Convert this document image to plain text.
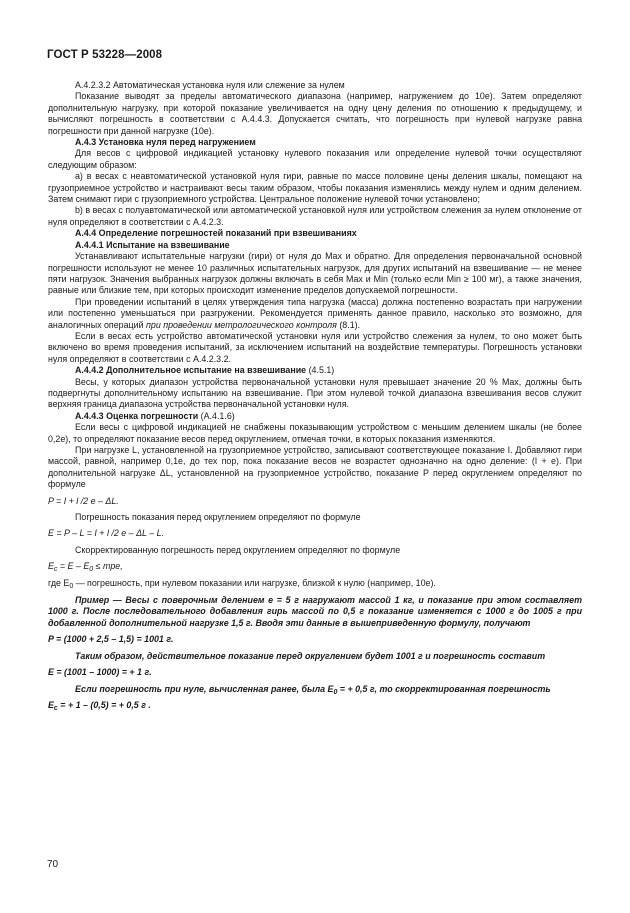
ГОСТ Р 53228—2008

А.4.2.3.2 Автоматическая установка нуля или слежение за нулем

Показание выводят за пределы автоматического диапазона (например, нагружением до 10e). Затем определяют дополнительную нагрузку, при которой показание увеличивается на одну цену деления по отношению к предыдущему, и вычисляют погрешность в соответствии с А.4.4.3. Допускается считать, что погрешность при нулевой нагрузке равна погрешности при данной нагрузке (10e).

А.4.3 Установка нуля перед нагружением

Для весов с цифровой индикацией установку нулевого показания или определение нулевой точки осуществляют следующим образом:

а) в весах с неавтоматической установкой нуля гири, равные по массе половине цены деления шкалы, помещают на грузоприемное устройство и настраивают весы таким образом, чтобы показания изменялись между нулем и одним делением. Затем снимают гири с грузоприемного устройства. Центральное положение нулевой точки установлено;

b) в весах с полуавтоматической или автоматической установкой нуля или устройством слежения за нулем отклонение от нуля определяют в соответствии с А.4.2.3.

А.4.4 Определение погрешностей показаний при взвешиваниях

А.4.4.1 Испытание на взвешивание

Устанавливают испытательные нагрузки (гири) от нуля до Max и обратно. Для определения первоначальной основной погрешности используют не менее 10 различных испытательных нагрузок, для других испытаний на взвешивание — не менее пяти нагрузок. Значения выбранных нагрузок должны включать в себя Max и Min (только если Min ≥ 100 мг), а также значения, равные или близкие тем, при которых происходит изменение пределов допускаемой погрешности.

При проведении испытаний в целях утверждения типа нагрузка (масса) должна постепенно возрастать при нагружении или постепенно уменьшаться при разгружении. Рекомендуется применять данное правило, насколько это возможно, для аналогичных операций при проведении метрологического контроля (8.1).

Если в весах есть устройство автоматической установки нуля или устройство слежения за нулем, то оно может быть включено во время проведения испытаний, за исключением испытаний на воздействие температуры. Погрешность установки нуля определяют в соответствии с А.4.2.3.2.

А.4.4.2 Дополнительное испытание на взвешивание (4.5.1)

Весы, у которых диапазон устройства первоначальной установки нуля превышает значение 20 % Max, должны быть подвергнуты дополнительному испытанию на взвешивание. При этом нулевой точкой диапазона взвешивания весов служит верхняя граница диапазона устройства первоначальной установки нуля.

А.4.4.3 Оценка погрешности (А.4.1.6)

Если весы с цифровой индикацией не снабжены показывающим устройством с меньшим делением шкалы (не более 0,2e), то определяют показание весов перед округлением, отмечая точки, в которых показания изменяются.

При нагрузке L, установленной на грузоприемное устройство, записывают соответствующее показание I. Добавляют гири массой, равной, например 0,1e, до тех пор, пока показание весов не возрастет однозначно на одно деление: (I + e). При дополнительной нагрузке ΔL, установленной на грузоприемное устройство, показание P перед округлением определяют по формуле

P = I + l /2 e – ΔL.

Погрешность показания перед округлением определяют по формуле

E = P – L = I + l /2 e – ΔL – L.

Скорректированную погрешность перед округлением определяют по формуле

$E_c = E - E_0$ ≤ mpe,

где $E_0$ — погрешность, при нулевом показании или нагрузке, близкой к нулю (например, 10e).

Пример — Весы с поверочным делением e = 5 г нагружают массой 1 кг, и показание при этом составляет 1000 г. После последовательного добавления гирь массой по 0,5 г показание изменяется с 1000 г до 1005 г при добавленной дополнительной нагрузке 1,5 г. Вводя эти данные в вышеприведенную формулу, получают

P = (1000 + 2,5 – 1,5) = 1001 г.

Таким образом, действительное показание перед округлением будет 1001 г и погрешность составит

E = (1001 – 1000) = + 1 г.

Если погрешность при нуле, вычисленная ранее, была $E_0$ = + 0,5 г, то скорректированная погрешность

$E_c$ = + 1 – (0,5) = + 0,5 г .

70
